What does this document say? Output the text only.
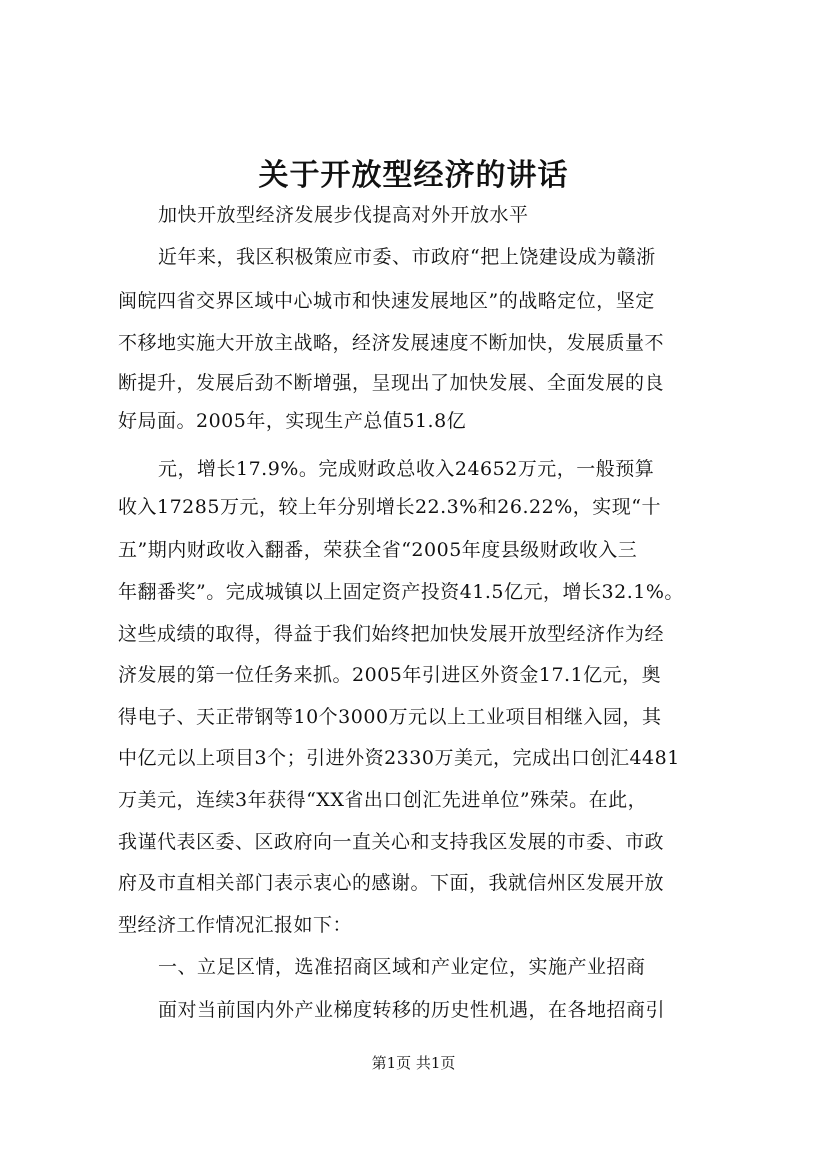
关于开放型经济的讲话
加快开放型经济发展步伐提高对外开放水平
近年来，我区积极策应市委、市政府“把上饶建设成为赣浙
闽皖四省交界区域中心城市和快速发展地区”的战略定位，坚定
不移地实施大开放主战略，经济发展速度不断加快，发展质量不
断提升，发展后劲不断增强，呈现出了加快发展、全面发展的良
好局面。2005年，实现生产总值51.8亿
元，增长17.9%。完成财政总收入24652万元，一般预算
收入17285万元，较上年分别增长22.3%和26.22%，实现“十
五”期内财政收入翻番，荣获全省“2005年度县级财政收入三
年翻番奖”。完成城镇以上固定资产投资41.5亿元，增长32.1%。
这些成绩的取得，得益于我们始终把加快发展开放型经济作为经
济发展的第一位任务来抓。2005年引进区外资金17.1亿元，奥
得电子、天正带钢等10个3000万元以上工业项目相继入园，其
中亿元以上项目3个；引进外资2330万美元，完成出口创汇4481
万美元，连续3年获得“XX省出口创汇先进单位”殊荣。在此，
我谨代表区委、区政府向一直关心和支持我区发展的市委、市政
府及市直相关部门表示衷心的感谢。下面，我就信州区发展开放
型经济工作情况汇报如下：
一、立足区情，选准招商区域和产业定位，实施产业招商
面对当前国内外产业梯度转移的历史性机遇，在各地招商引
第1页 共1页
